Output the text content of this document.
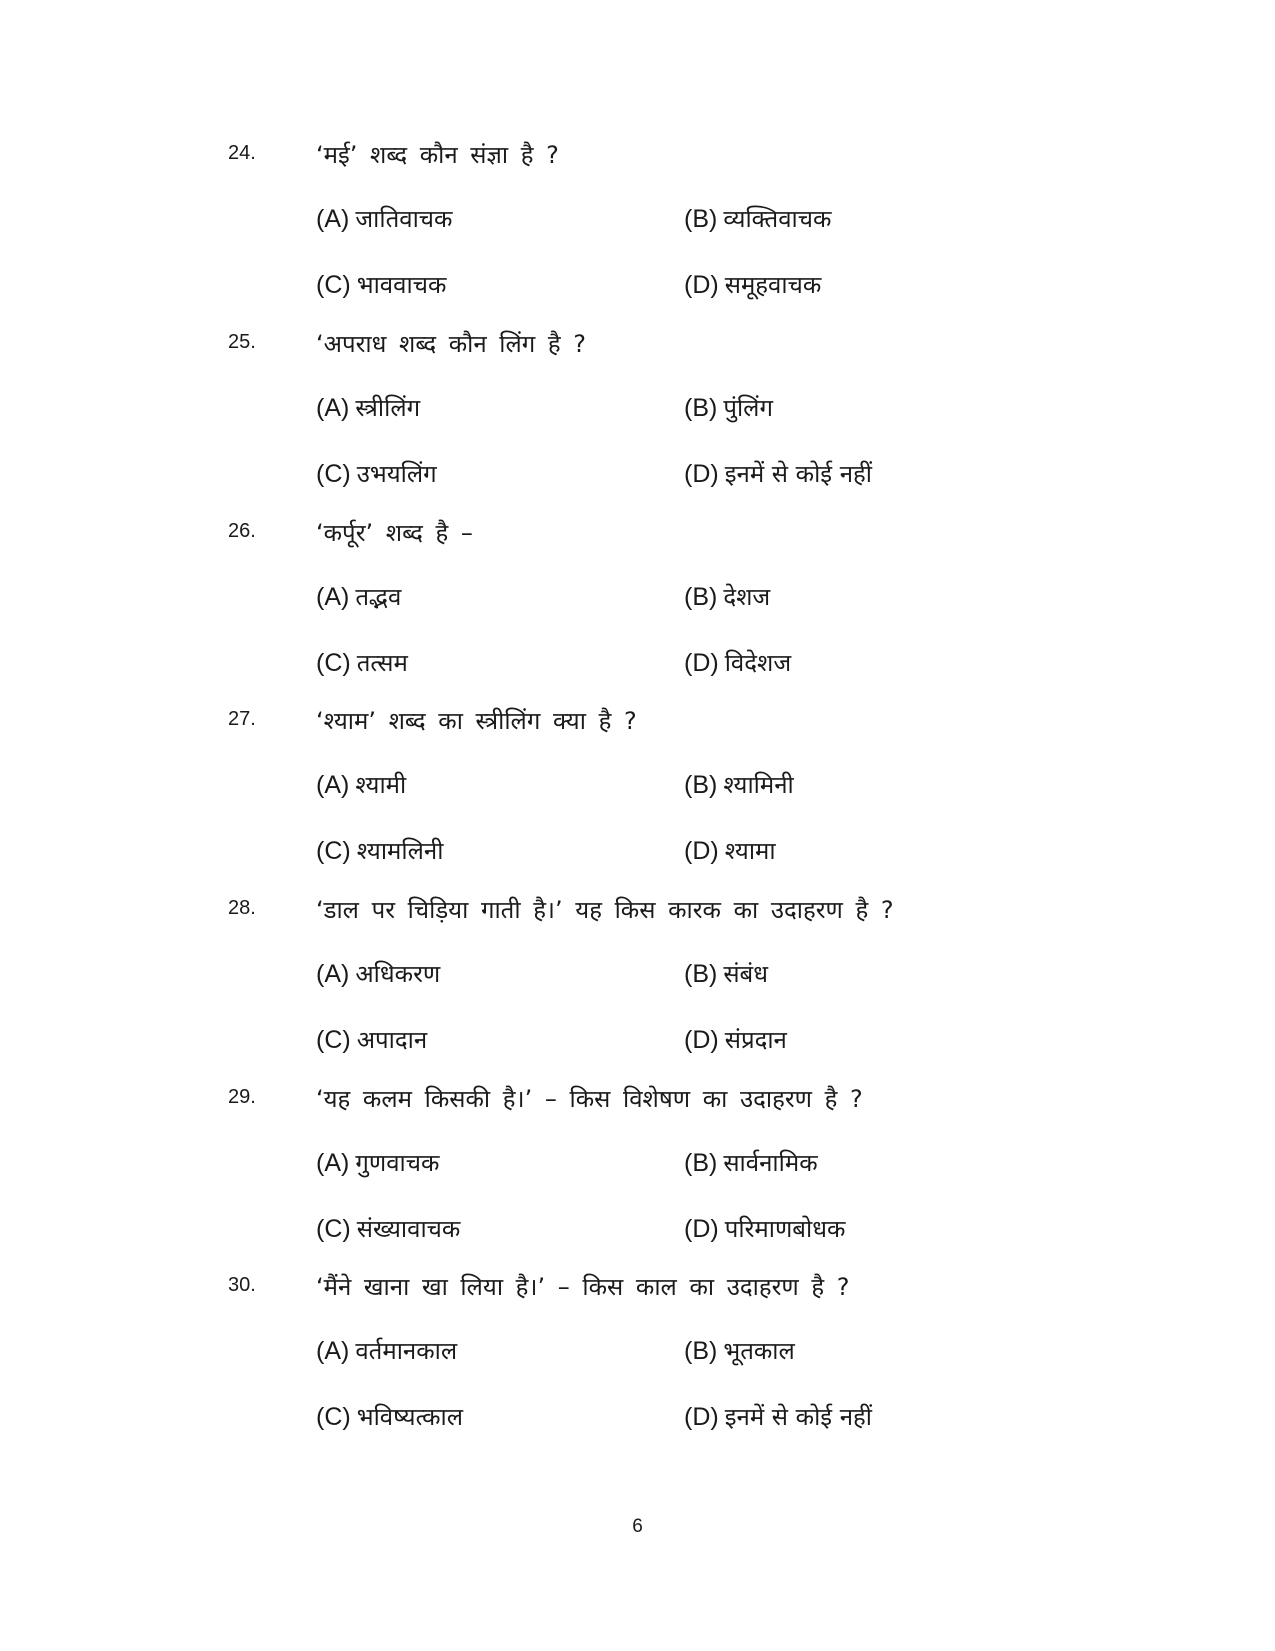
24.	‘मई’ शब्द कौन संज्ञा है ?
(A) जातिवाचक	(B) व्यक्तिवाचक
(C) भाववाचक	(D) समूहवाचक
25.	‘अपराध शब्द कौन लिंग है ?
(A) स्त्रीलिंग	(B) पुंलिंग
(C) उभयलिंग	(D) इनमें से कोई नहीं
26.	‘कर्पूर’ शब्द है –
(A) तद्भव	(B) देशज
(C) तत्सम	(D) विदेशज
27.	‘श्याम’ शब्द का स्त्रीलिंग क्या है ?
(A) श्यामी	(B) श्यामिनी
(C) श्यामलिनी	(D) श्यामा
28.	‘डाल पर चिड़िया गाती है।’ यह किस कारक का उदाहरण है ?
(A) अधिकरण	(B) संबंध
(C) अपादान	(D) संप्रदान
29.	‘यह कलम किसकी है।’ – किस विशेषण का उदाहरण है ?
(A) गुणवाचक	(B) सार्वनामिक
(C) संख्यावाचक	(D) परिमाणबोधक
30.	‘मैंने खाना खा लिया है।’ – किस काल का उदाहरण है ?
(A) वर्तमानकाल	(B) भूतकाल
(C) भविष्यत्काल	(D) इनमें से कोई नहीं
6
